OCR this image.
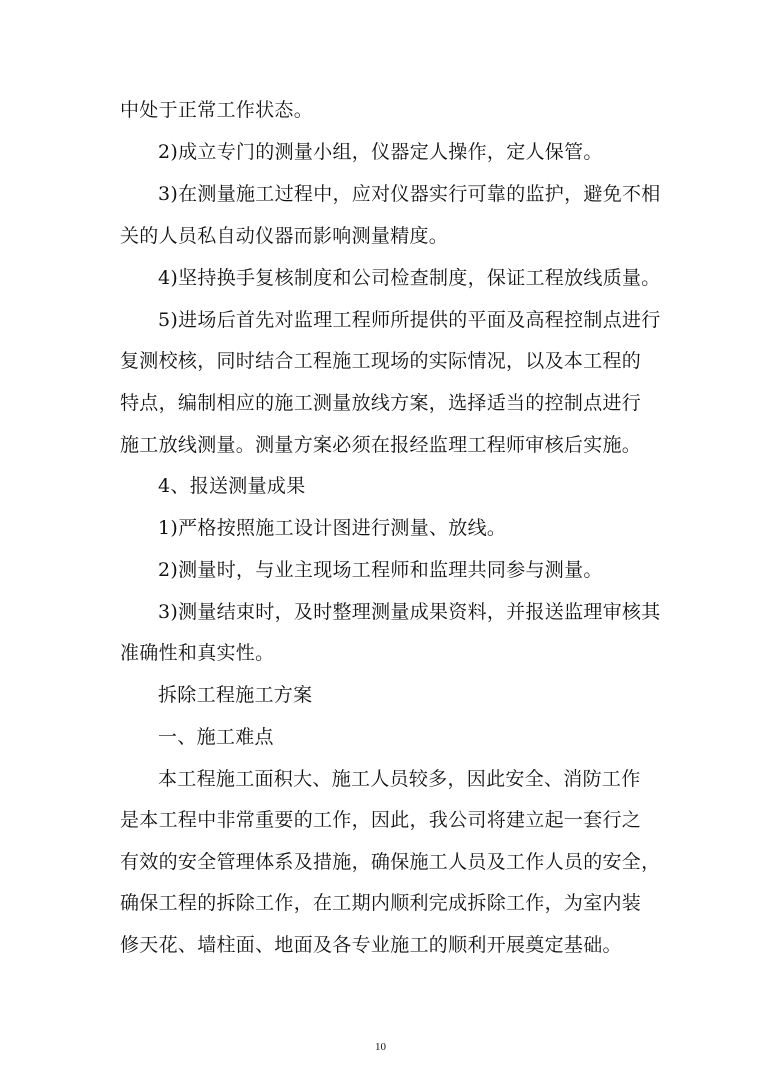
中处于正常工作状态。
2)成立专门的测量小组，仪器定人操作，定人保管。
3)在测量施工过程中，应对仪器实行可靠的监护，避免不相
关的人员私自动仪器而影响测量精度。
4)坚持换手复核制度和公司检查制度，保证工程放线质量。
5)进场后首先对监理工程师所提供的平面及高程控制点进行
复测校核，同时结合工程施工现场的实际情况，以及本工程的
特点，编制相应的施工测量放线方案，选择适当的控制点进行
施工放线测量。测量方案必须在报经监理工程师审核后实施。
4、报送测量成果
1)严格按照施工设计图进行测量、放线。
2)测量时，与业主现场工程师和监理共同参与测量。
3)测量结束时，及时整理测量成果资料，并报送监理审核其
准确性和真实性。
拆除工程施工方案
一、施工难点
本工程施工面积大、施工人员较多，因此安全、消防工作
是本工程中非常重要的工作，因此，我公司将建立起一套行之
有效的安全管理体系及措施，确保施工人员及工作人员的安全，
确保工程的拆除工作，在工期内顺利完成拆除工作，为室内装
修天花、墙柱面、地面及各专业施工的顺利开展奠定基础。
10
